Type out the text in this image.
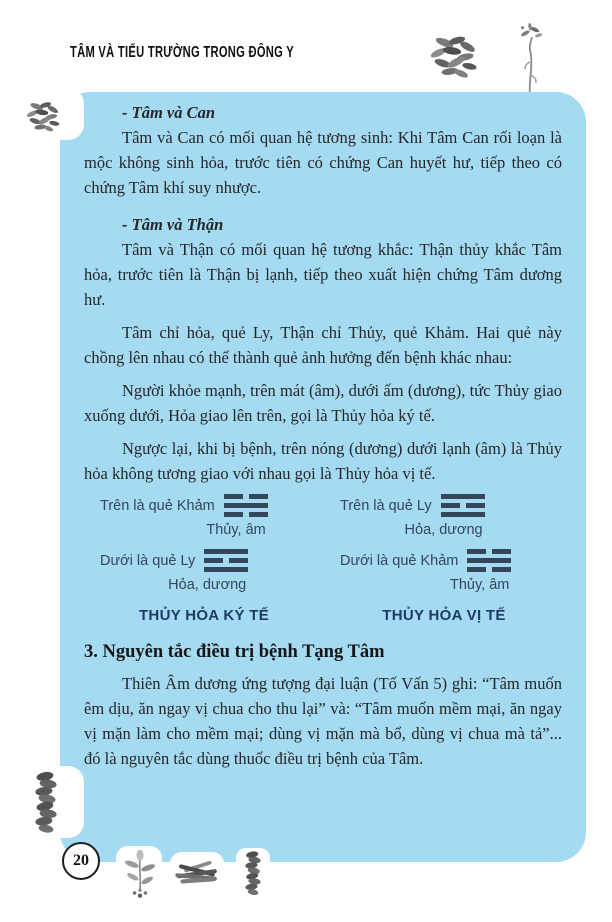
TÂM VÀ TIỂU TRƯỜNG TRONG ĐÔNG Y
- Tâm và Can

Tâm và Can có mối quan hệ tương sinh: Khi Tâm Can rối loạn là mộc không sinh hỏa, trước tiên có chứng Can huyết hư, tiếp theo có chứng Tâm khí suy nhược.

- Tâm và Thận

Tâm và Thận có mối quan hệ tương khắc: Thận thủy khắc Tâm hỏa, trước tiên là Thận bị lạnh, tiếp theo xuất hiện chứng Tâm dương hư.

Tâm chỉ hỏa, quẻ Ly, Thận chỉ Thủy, quẻ Khảm. Hai quẻ này chồng lên nhau có thể thành quẻ ảnh hưởng đến bệnh khác nhau:

Người khỏe mạnh, trên mát (âm), dưới ấm (dương), tức Thủy giao xuống dưới, Hỏa giao lên trên, gọi là Thủy hỏa ký tế.

Ngược lại, khi bị bệnh, trên nóng (dương) dưới lạnh (âm) là Thủy hỏa không tương giao với nhau gọi là Thủy hỏa vị tế.

Trên là quẻ Khảm
Thủy, âm
Dưới là quẻ Ly
Hỏa, dương
THỦY HỎA KÝ TẾ
Trên là quẻ Ly
Hỏa, dương
Dưới là quẻ Khảm
Thủy, âm
THỦY HỎA VỊ TẾ
3. Nguyên tắc điều trị bệnh Tạng Tâm

Thiên Âm dương ứng tượng đại luận (Tố Vấn 5) ghi: “Tâm muốn êm dịu, ăn ngay vị chua cho thu lại” và: “Tâm muốn mềm mại, ăn ngay vị mặn làm cho mềm mại; dùng vị mặn mà bổ, dùng vị chua mà tả”... đó là nguyên tắc dùng thuốc điều trị bệnh của Tâm.

20
